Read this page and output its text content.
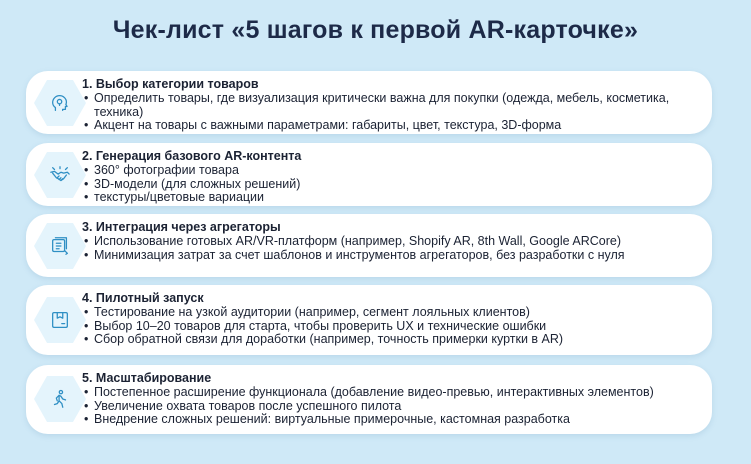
Чек-лист «5 шагов к первой AR-карточке»
1. Выбор категории товаров
• Определить товары, где визуализация критически важна для покупки (одежда, мебель, косметика, техника)
• Акцент на товары с важными параметрами: габариты, цвет, текстура, 3D-форма
2. Генерация базового AR-контента
• 360° фотографии товара
• 3D-модели (для сложных решений)
• текстуры/цветовые вариации
3. Интеграция через агрегаторы
• Использование готовых AR/VR-платформ (например, Shopify AR, 8th Wall, Google ARCore)
• Минимизация затрат за счет шаблонов и инструментов агрегаторов, без разработки с нуля
4. Пилотный запуск
• Тестирование на узкой аудитории (например, сегмент лояльных клиентов)
• Выбор 10–20 товаров для старта, чтобы проверить UX и технические ошибки
• Сбор обратной связи для доработки (например, точность примерки куртки в AR)
5. Масштабирование
• Постепенное расширение функционала (добавление видео-превью, интерактивных элементов)
• Увеличение охвата товаров после успешного пилота
• Внедрение сложных решений: виртуальные примерочные, кастомная разработка
